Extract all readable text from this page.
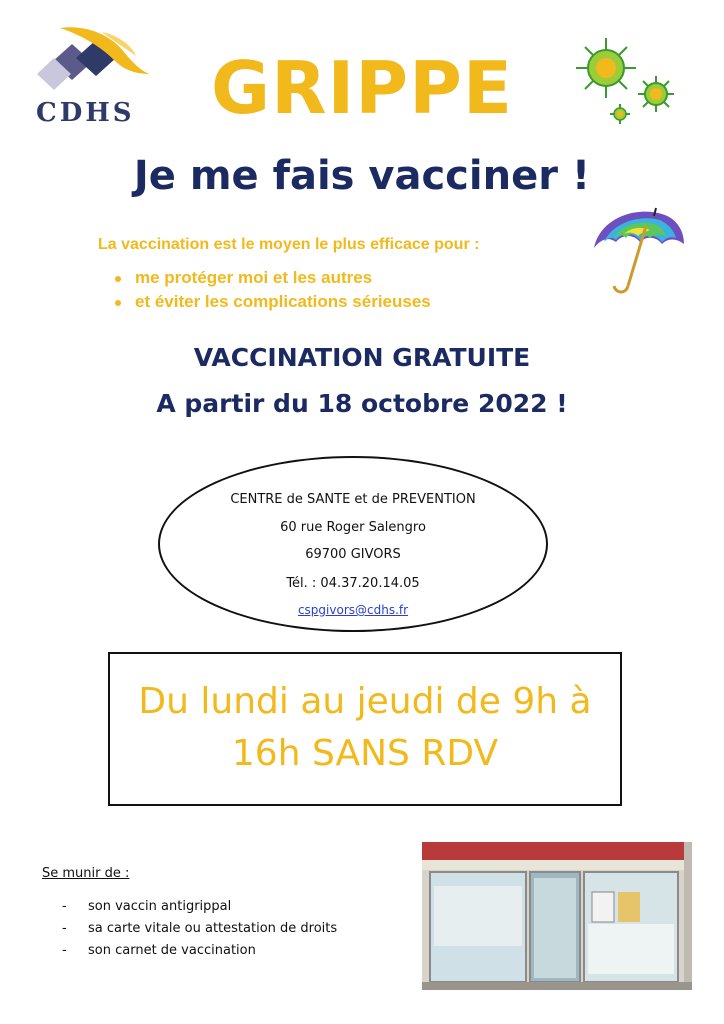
CDHS	GRIPPE
Je me fais vacciner !
La vaccination est le moyen le plus efficace pour :
me protéger moi et les autres
et éviter les complications sérieuses
VACCINATION GRATUITE
A partir du 18 octobre 2022 !
CENTRE de SANTE et de PREVENTION
60 rue Roger Salengro
69700 GIVORS
Tél. : 04.37.20.14.05
cspgivors@cdhs.fr
Du lundi au jeudi de 9h à
16h SANS RDV
Se munir de :
- son vaccin antigrippal
- sa carte vitale ou attestation de droits
- son carnet de vaccination
